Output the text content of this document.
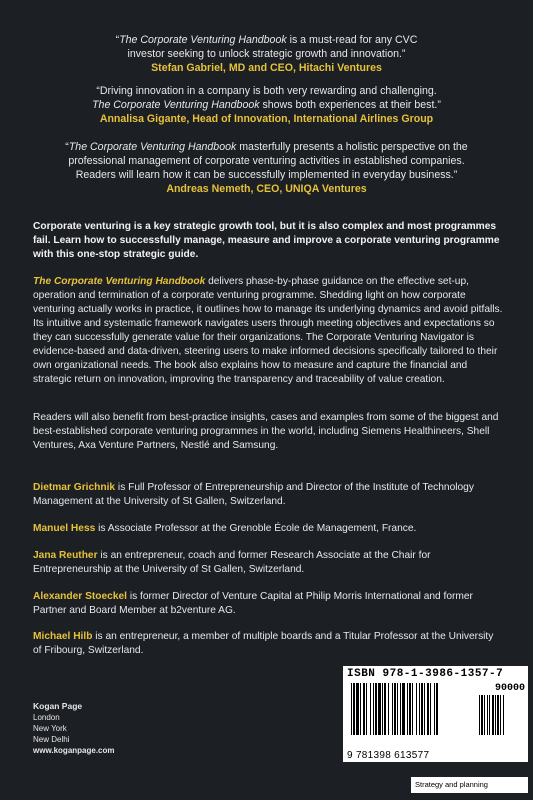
“The Corporate Venturing Handbook is a must-read for any CVC
investor seeking to unlock strategic growth and innovation.”
Stefan Gabriel, MD and CEO, Hitachi Ventures
“Driving innovation in a company is both very rewarding and challenging.
The Corporate Venturing Handbook shows both experiences at their best.”
Annalisa Gigante, Head of Innovation, International Airlines Group
“The Corporate Venturing Handbook masterfully presents a holistic perspective on the
professional management of corporate venturing activities in established companies.
Readers will learn how it can be successfully implemented in everyday business.”
Andreas Nemeth, CEO, UNIQA Ventures
Corporate venturing is a key strategic growth tool, but it is also complex and most programmes fail. Learn how to successfully manage, measure and improve a corporate venturing programme with this one-stop strategic guide.
The Corporate Venturing Handbook delivers phase-by-phase guidance on the effective set-up, operation and termination of a corporate venturing programme. Shedding light on how corporate venturing actually works in practice, it outlines how to manage its underlying dynamics and avoid pitfalls. Its intuitive and systematic framework navigates users through meeting objectives and expectations so they can successfully generate value for their organizations. The Corporate Venturing Navigator is evidence-based and data-driven, steering users to make informed decisions specifically tailored to their own organizational needs. The book also explains how to measure and capture the financial and strategic return on innovation, improving the transparency and traceability of value creation.
Readers will also benefit from best-practice insights, cases and examples from some of the biggest and best-established corporate venturing programmes in the world, including Siemens Healthineers, Shell Ventures, Axa Venture Partners, Nestlé and Samsung.
Dietmar Grichnik is Full Professor of Entrepreneurship and Director of the Institute of Technology Management at the University of St Gallen, Switzerland.
Manuel Hess is Associate Professor at the Grenoble École de Management, France.
Jana Reuther is an entrepreneur, coach and former Research Associate at the Chair for Entrepreneurship at the University of St Gallen, Switzerland.
Alexander Stoeckel is former Director of Venture Capital at Philip Morris International and former Partner and Board Member at b2venture AG.
Michael Hilb is an entrepreneur, a member of multiple boards and a Titular Professor at the University of Fribourg, Switzerland.
Kogan Page
London
New York
New Delhi
www.koganpage.com
ISBN 978-1-3986-1357-7
90000
9 781398 613577
Strategy and planning
